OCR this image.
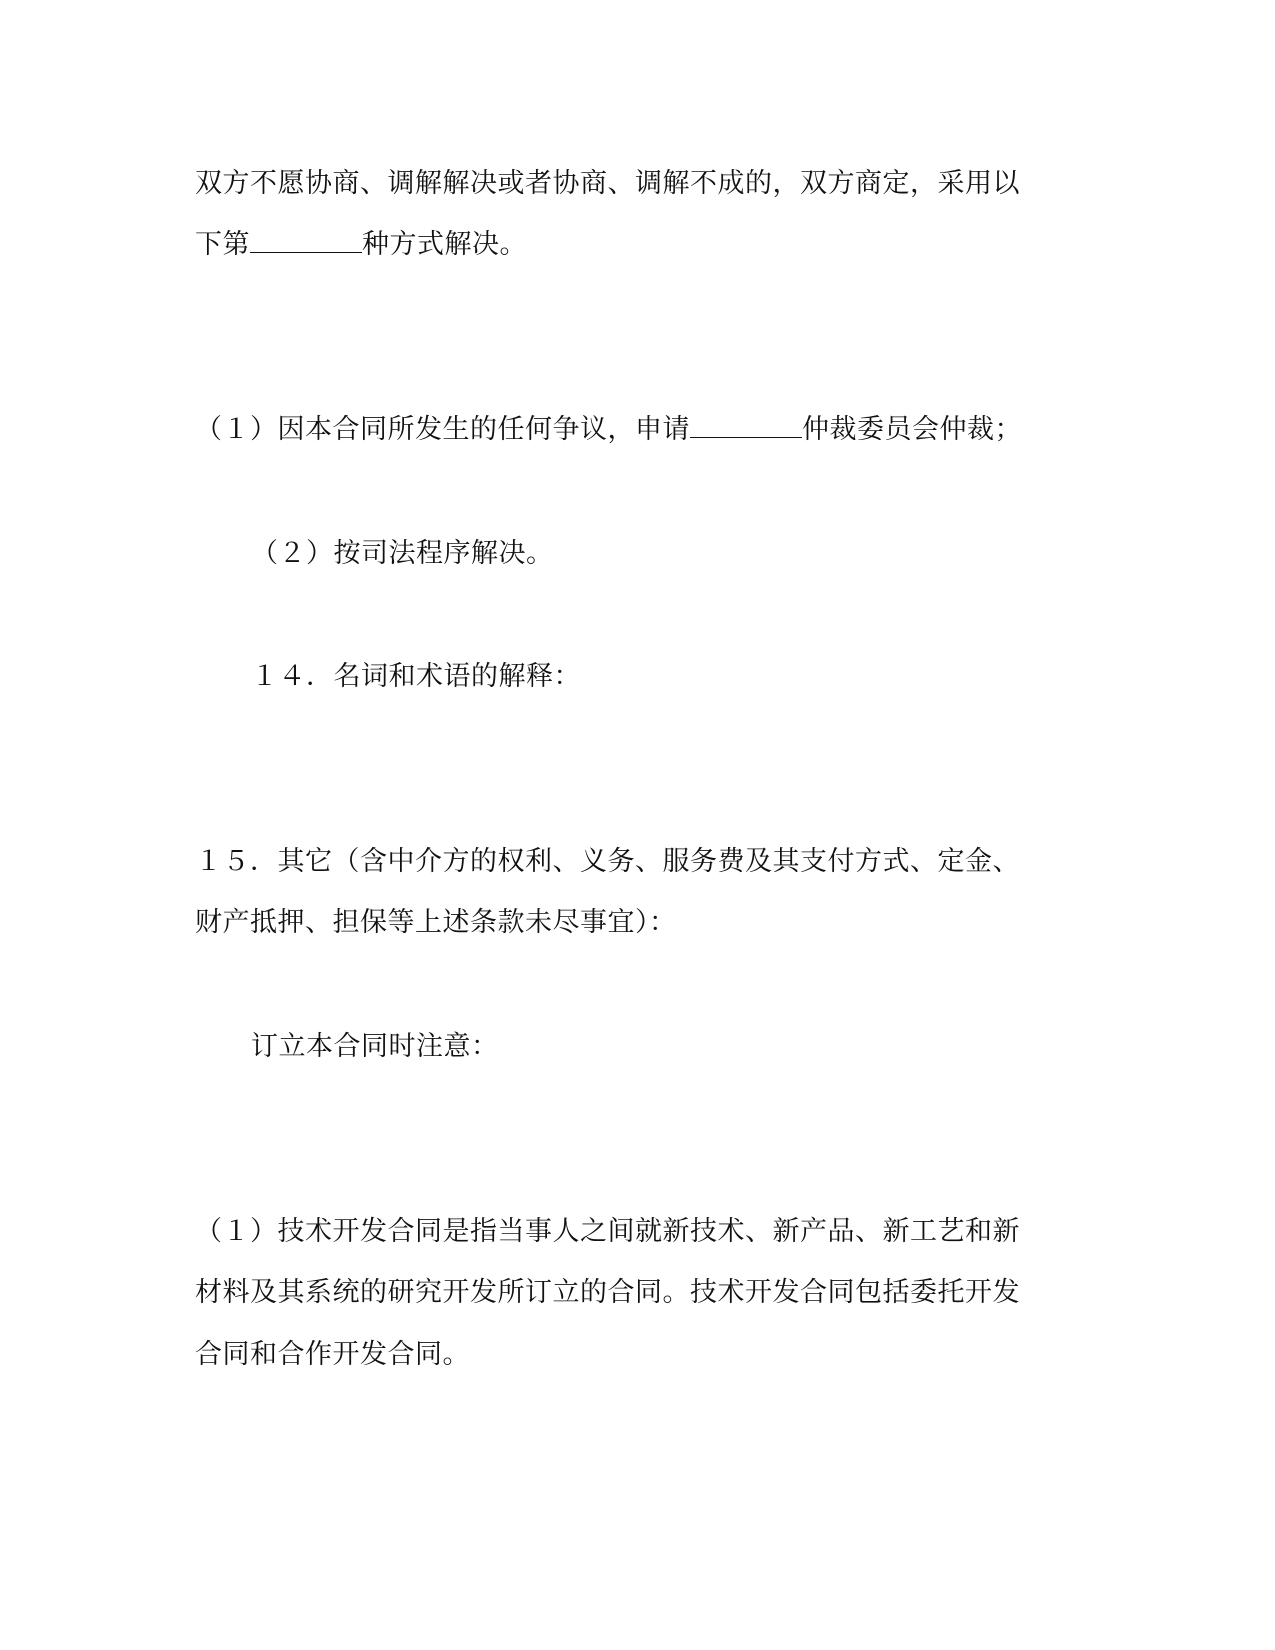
双方不愿协商、调解解决或者协商、调解不成的，双方商定，采用以
下第	种方式解决。
（１）因本合同所发生的任何争议，申请	仲裁委员会仲裁；
（２）按司法程序解决。
１４．名词和术语的解释：
１５．其它（含中介方的权利、义务、服务费及其支付方式、定金、
财产抵押、担保等上述条款未尽事宜）：
订立本合同时注意：
（１）技术开发合同是指当事人之间就新技术、新产品、新工艺和新
材料及其系统的研究开发所订立的合同。技术开发合同包括委托开发
合同和合作开发合同。
